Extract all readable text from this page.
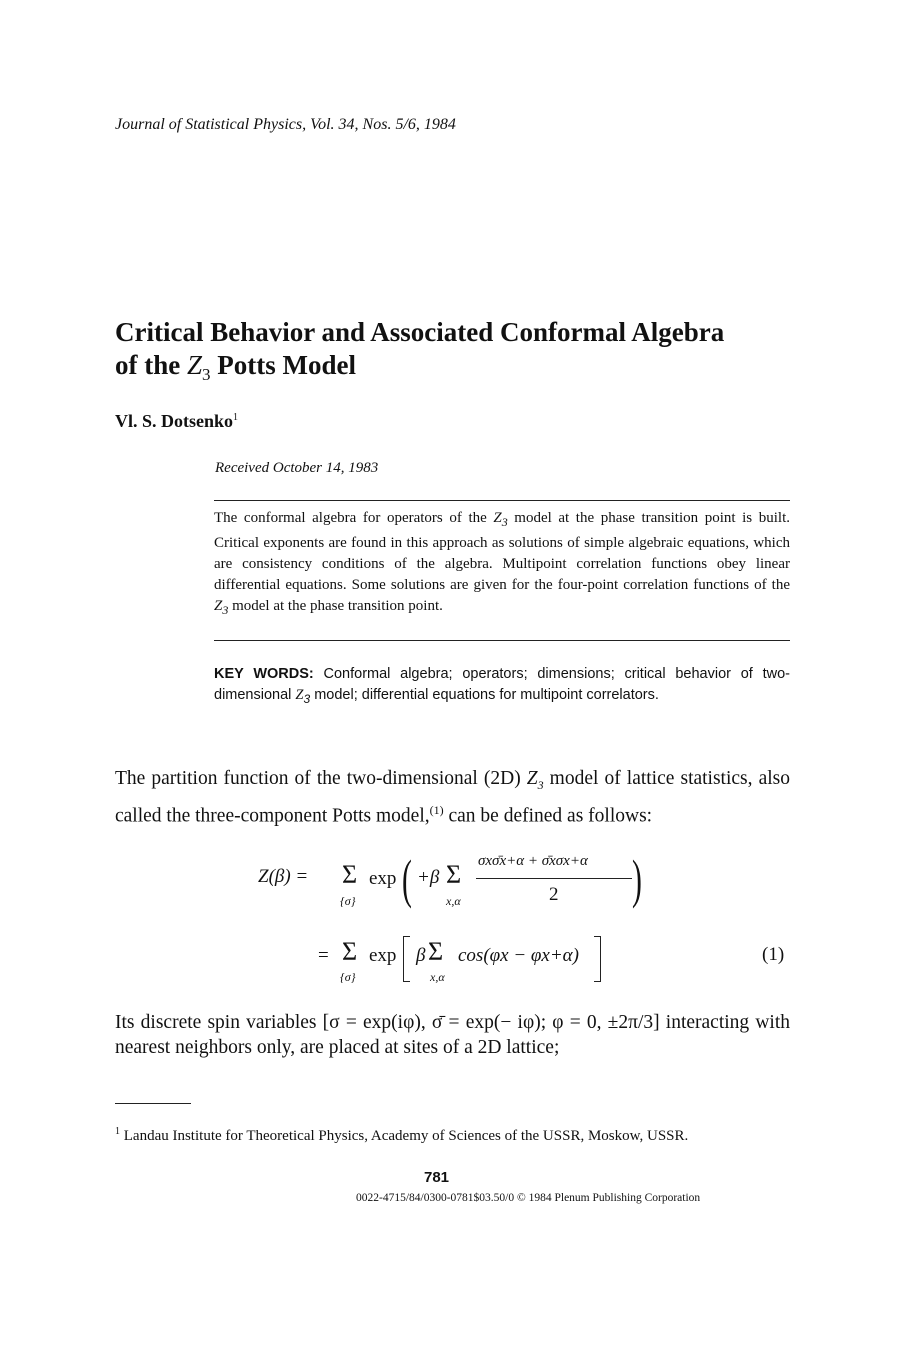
Journal of Statistical Physics, Vol. 34, Nos. 5/6, 1984
Critical Behavior and Associated Conformal Algebra
of the $Z_3$ Potts Model
Vl. S. Dotsenko$^1$
Received October 14, 1983
The conformal algebra for operators of the $Z_3$ model at the phase transition point is built. Critical exponents are found in this approach as solutions of simple algebraic equations, which are consistency conditions of the algebra. Multipoint correlation functions obey linear differential equations. Some solutions are given for the four-point correlation functions of the $Z_3$ model at the phase transition point.
KEY WORDS: Conformal algebra; operators; dimensions; critical behavior of two-dimensional $Z_3$ model; differential equations for multipoint correlators.
The partition function of the two-dimensional (2D) $Z_3$ model of lattice statistics, also called the three-component Potts model,$^{(1)}$ can be defined as follows:
Z(β) = Σ
{σ}
exp ( +β Σ
x,α
σxσ̄x+α + σ̄xσx+α
2 )
= Σ
{σ}
exp β Σ
x,α
cos(φx − φx+α)	(1)
Its discrete spin variables [σ = exp(iφ), σ̄ = exp(− iφ); φ = 0, ±2π/3] interacting with nearest neighbors only, are placed at sites of a 2D lattice;
$^1$ Landau Institute for Theoretical Physics, Academy of Sciences of the USSR, Moskow, USSR.
781
0022-4715/84/0300-0781$03.50/0 © 1984 Plenum Publishing Corporation
